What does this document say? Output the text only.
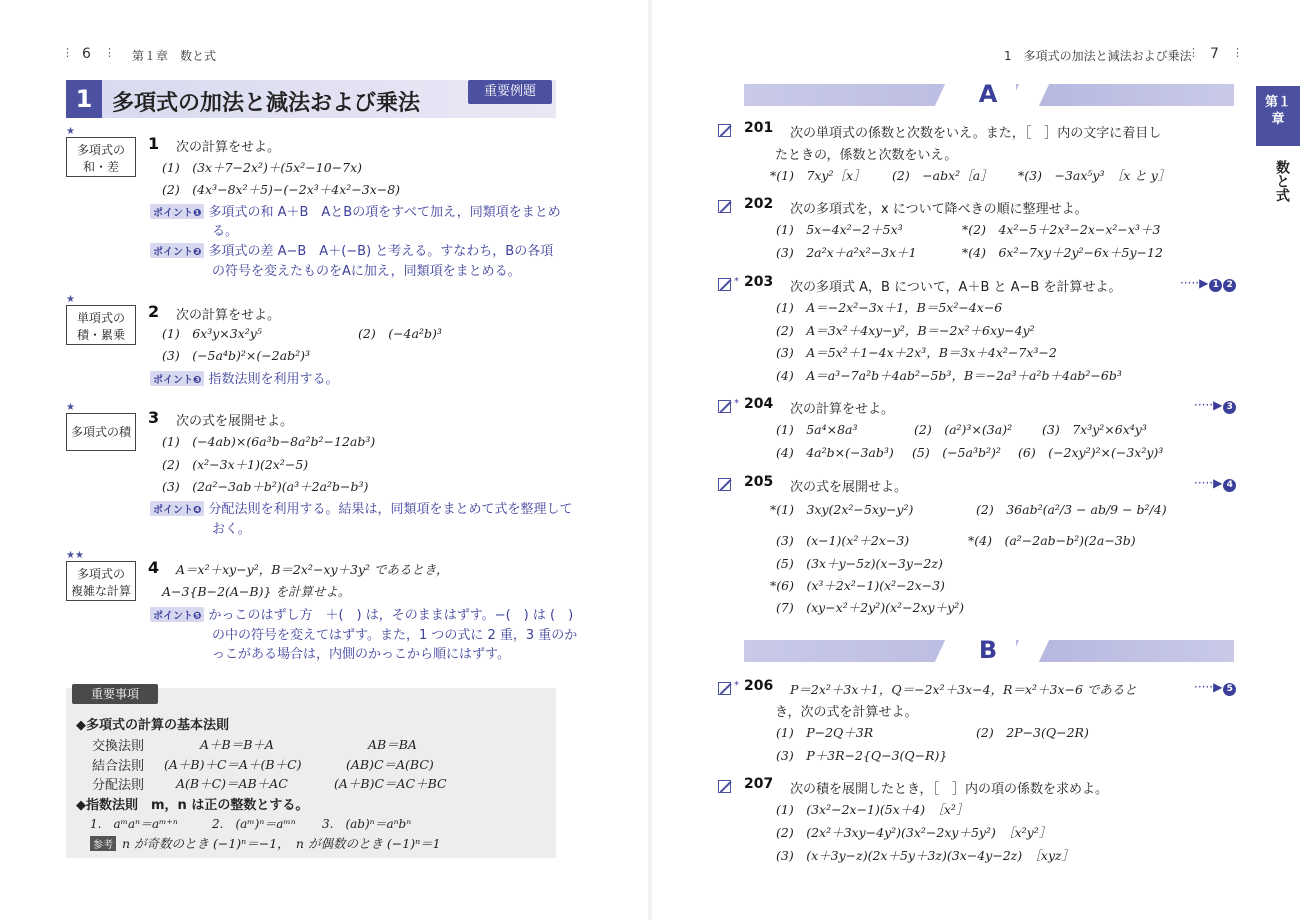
⋮ 6 ⋮ 第１章　数と式
1 多項式の加法と減法および乗法	重要例題
★
多項式の
和・差
1 次の計算をせよ。
(1)　(3x＋7−2x²)＋(5x²−10−7x)
(2)　(4x³−8x²＋5)−(−2x³＋4x²−3x−8)
ポイント❶ 多項式の和 A＋B　AとBの項をすべて加え，同類項をまとめ
る。
ポイント❷ 多項式の差 A−B　A＋(−B) と考える。すなわち，Bの各項
の符号を変えたものをAに加え，同類項をまとめる。
★
単項式の
積・累乗
2 次の計算をせよ。
(1)　6x³y×3x²y⁵	(2)　(−4a²b)³
(3)　(−5a⁴b)²×(−2ab²)³
ポイント❸ 指数法則を利用する。
★
多項式の積
3 次の式を展開せよ。
(1)　(−4ab)×(6a³b−8a²b²−12ab³)
(2)　(x²−3x＋1)(2x²−5)
(3)　(2a²−3ab＋b²)(a³＋2a²b−b³)
ポイント❹ 分配法則を利用する。結果は，同類項をまとめて式を整理して
おく。
★★
多項式の
複雑な計算
4 A＝x²＋xy−y²，B＝2x²−xy＋3y² であるとき，
A−3{B−2(A−B)} を計算せよ。
ポイント❺ かっこのはずし方　＋(　) は，そのままはずす。−(　) は (　)
の中の符号を変えてはずす。また，1 つの式に 2 重，3 重のか
っこがある場合は，内側のかっこから順にはずす。
重要事項
◆多項式の計算の基本法則
交換法則	A＋B＝B＋A	AB＝BA
結合法則 (A＋B)＋C＝A＋(B＋C)	(AB)C＝A(BC)
分配法則	A(B＋C)＝AB＋AC	(A＋B)C＝AC＋BC
◆指数法則　m，n は正の整数とする。
1.　aᵐaⁿ＝aᵐ⁺ⁿ	2.　(aᵐ)ⁿ＝aᵐⁿ 3.　(ab)ⁿ＝aⁿbⁿ
参考 n が奇数のとき (−1)ⁿ＝−1，　n が偶数のとき (−1)ⁿ＝1
1　多項式の加法と減法および乗法
⋮ 7 ⋮
第１
章
数と式
A
201 次の単項式の係数と次数をいえ。また，［　］内の文字に着目し
たときの，係数と次数をいえ。
*(1)　7xy²［x］ (2)　−abx²［a］ *(3)　−3ax⁵y³　［x と y］
202 次の多項式を，x について降べきの順に整理せよ。
(1)　5x−4x²−2＋5x³	*(2)　4x²−5＋2x³−2x−x²−x³＋3
(3)　2a²x＋a²x²−3x＋1	*(4)　6x²−7xy＋2y²−6x＋5y−12
* 203 次の多項式 A，B について，A＋B と A−B を計算せよ。	·····▶ 1 2
(1)　A＝−2x²−3x＋1，B＝5x²−4x−6
(2)　A＝3x²＋4xy−y²，B＝−2x²＋6xy−4y²
(3)　A＝5x²＋1−4x＋2x³，B＝3x＋4x²−7x³−2
(4)　A＝a³−7a²b＋4ab²−5b³，B＝−2a³＋a²b＋4ab²−6b³
* 204 次の計算をせよ。	·····▶ 3
(1)　5a⁴×8a³	(2)　(a²)³×(3a)² (3)　7x³y²×6x⁴y³
(4)　4a²b×(−3ab³) (5)　(−5a³b²)² (6)　(−2xy²)²×(−3x²y)³
205 次の式を展開せよ。	·····▶ 4
*(1)　3xy(2x²−5xy−y²)	(2)　36ab²(a²/3 − ab/9 − b²/4)
(3)　(x−1)(x²＋2x−3)	*(4)　(a²−2ab−b²)(2a−3b)
(5)　(3x＋y−5z)(x−3y−2z)
*(6)　(x³＋2x²−1)(x²−2x−3)
(7)　(xy−x²＋2y²)(x²−2xy＋y²)
B
* 206 P＝2x²＋3x＋1，Q＝−2x²＋3x−4，R＝x²＋3x−6 であると	·····▶ 5
き，次の式を計算せよ。
(1)　P−2Q＋3R	(2)　2P−3(Q−2R)
(3)　P＋3R−2{Q−3(Q−R)}
207 次の積を展開したとき，［　］内の項の係数を求めよ。
(1)　(3x²−2x−1)(5x＋4)　［x²］
(2)　(2x²＋3xy−4y²)(3x²−2xy＋5y²)　［x²y²］
(3)　(x＋3y−z)(2x＋5y＋3z)(3x−4y−2z)　［xyz］
